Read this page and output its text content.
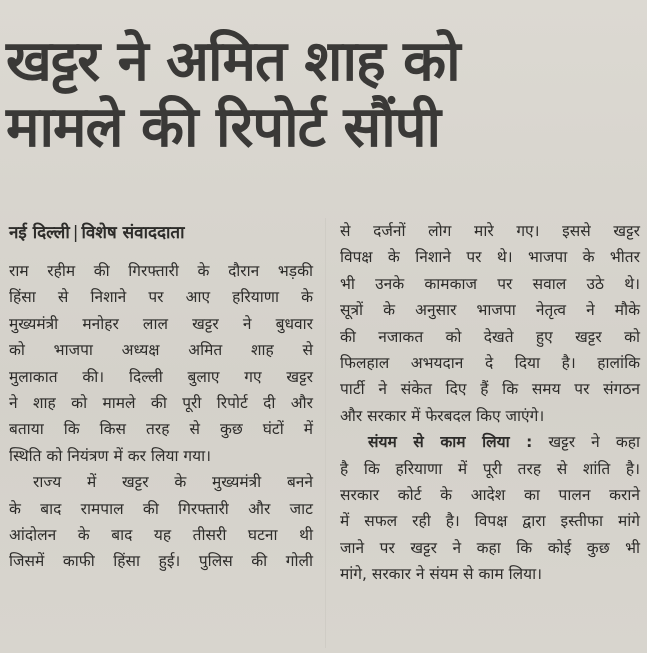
खट्टर ने अमित शाह को
मामले की रिपोर्ट सौंपी
नई दिल्ली | विशेष संवाददाता

राम रहीम की गिरफ्तारी के दौरान भड़की
हिंसा से निशाने पर आए हरियाणा के
मुख्यमंत्री मनोहर लाल खट्टर ने बुधवार
को भाजपा अध्यक्ष अमित शाह से
मुलाकात की। दिल्ली बुलाए गए खट्टर
ने शाह को मामले की पूरी रिपोर्ट दी और
बताया कि किस तरह से कुछ घंटों में
स्थिति को नियंत्रण में कर लिया गया।

राज्य में खट्टर के मुख्यमंत्री बनने
के बाद रामपाल की गिरफ्तारी और जाट
आंदोलन के बाद यह तीसरी घटना थी
जिसमें काफी हिंसा हुई। पुलिस की गोली

से दर्जनों लोग मारे गए। इससे खट्टर
विपक्ष के निशाने पर थे। भाजपा के भीतर
भी उनके कामकाज पर सवाल उठे थे।
सूत्रों के अनुसार भाजपा नेतृत्व ने मौके
की नजाकत को देखते हुए खट्टर को
फिलहाल अभयदान दे दिया है। हालांकि
पार्टी ने संकेत दिए हैं कि समय पर संगठन
और सरकार में फेरबदल किए जाएंगे।

संयम से काम लिया : खट्टर ने कहा
है कि हरियाणा में पूरी तरह से शांति है।
सरकार कोर्ट के आदेश का पालन कराने
में सफल रही है। विपक्ष द्वारा इस्तीफा मांगे
जाने पर खट्टर ने कहा कि कोई कुछ भी
मांगे, सरकार ने संयम से काम लिया।
